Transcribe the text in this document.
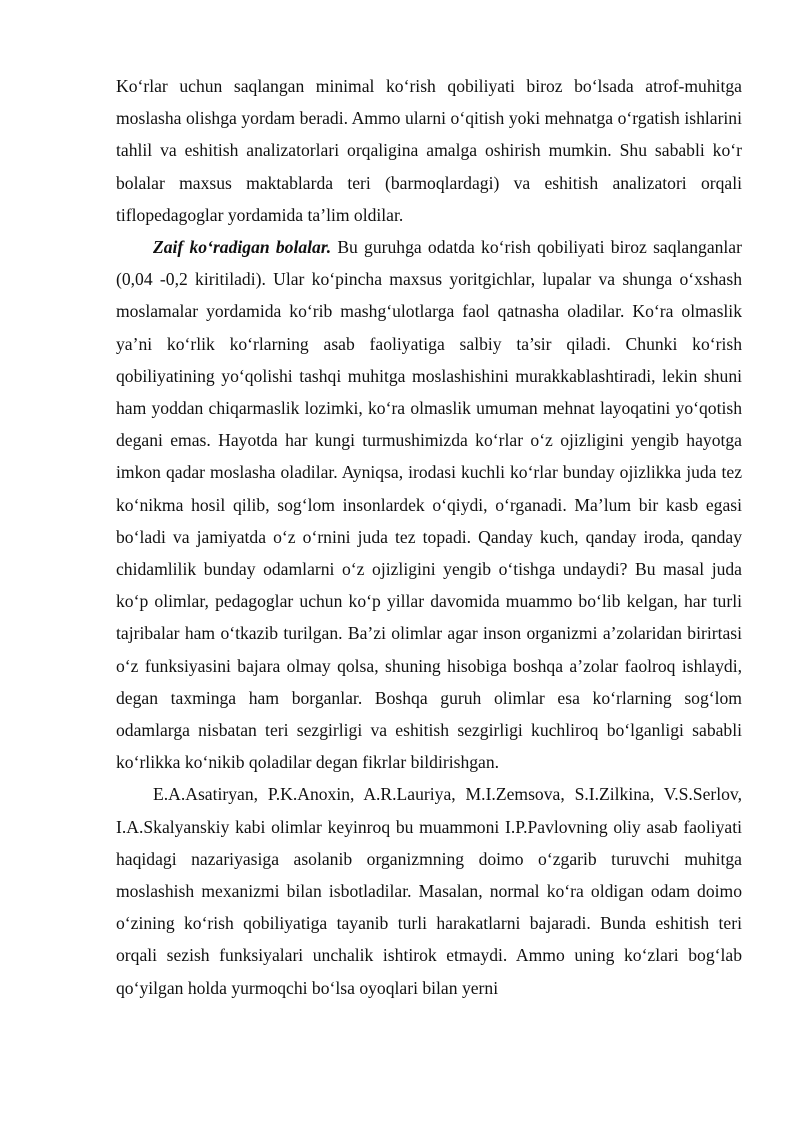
Ko‘rlar uchun saqlangan minimal ko‘rish qobiliyati biroz bo‘lsada atrof-muhitga moslasha olishga yordam beradi. Ammo ularni o‘qitish yoki mehnatga o‘rgatish ishlarini tahlil va eshitish analizatorlari orqaligina amalga oshirish mumkin. Shu sababli ko‘r bolalar maxsus maktablarda teri (barmoqlardagi) va eshitish analizatori orqali tiflopedagoglar yordamida ta’lim oldilar.

Zaif ko‘radigan bolalar. Bu guruhga odatda ko‘rish qobiliyati biroz saqlanganlar (0,04 -0,2 kiritiladi). Ular ko‘pincha maxsus yoritgichlar, lupalar va shunga o‘xshash moslamalar yordamida ko‘rib mashg‘ulotlarga faol qatnasha oladilar. Ko‘ra olmaslik ya’ni ko‘rlik ko‘rlarning asab faoliyatiga salbiy ta’sir qiladi. Chunki ko‘rish qobiliyatining yo‘qolishi tashqi muhitga moslashishini murakkablashtiradi, lekin shuni ham yoddan chiqarmaslik lozimki, ko‘ra olmaslik umuman mehnat layoqatini yo‘qotish degani emas. Hayotda har kungi turmushimizda ko‘rlar o‘z ojizligini yengib hayotga imkon qadar moslasha oladilar. Ayniqsa, irodasi kuchli ko‘rlar bunday ojizlikka juda tez ko‘nikma hosil qilib, sog‘lom insonlardek o‘qiydi, o‘rganadi. Ma’lum bir kasb egasi bo‘ladi va jamiyatda o‘z o‘rnini juda tez topadi. Qanday kuch, qanday iroda, qanday chidamlilik bunday odamlarni o‘z ojizligini yengib o‘tishga undaydi? Bu masal juda ko‘p olimlar, pedagoglar uchun ko‘p yillar davomida muammo bo‘lib kelgan, har turli tajribalar ham o‘tkazib turilgan. Ba’zi olimlar agar inson organizmi a’zolaridan birirtasi o‘z funksiyasini bajara olmay qolsa, shuning hisobiga boshqa a’zolar faolroq ishlaydi, degan taxminga ham borganlar. Boshqa guruh olimlar esa ko‘rlarning sog‘lom odamlarga nisbatan teri sezgirligi va eshitish sezgirligi kuchliroq bo‘lganligi sababli ko‘rlikka ko‘nikib qoladilar degan fikrlar bildirishgan.

E.A.Asatiryan, P.K.Anoxin, A.R.Lauriya, M.I.Zemsova, S.I.Zilkina, V.S.Serlov, I.A.Skalyanskiy kabi olimlar keyinroq bu muammoni I.P.Pavlovning oliy asab faoliyati haqidagi nazariyasiga asolanib organizmning doimo o‘zgarib turuvchi muhitga moslashish mexanizmi bilan isbotladilar. Masalan, normal ko‘ra oldigan odam doimo o‘zining ko‘rish qobiliyatiga tayanib turli harakatlarni bajaradi. Bunda eshitish teri orqali sezish funksiyalari unchalik ishtirok etmaydi. Ammo uning ko‘zlari bog‘lab qo‘yilgan holda yurmoqchi bo‘lsa oyoqlari bilan yerni
